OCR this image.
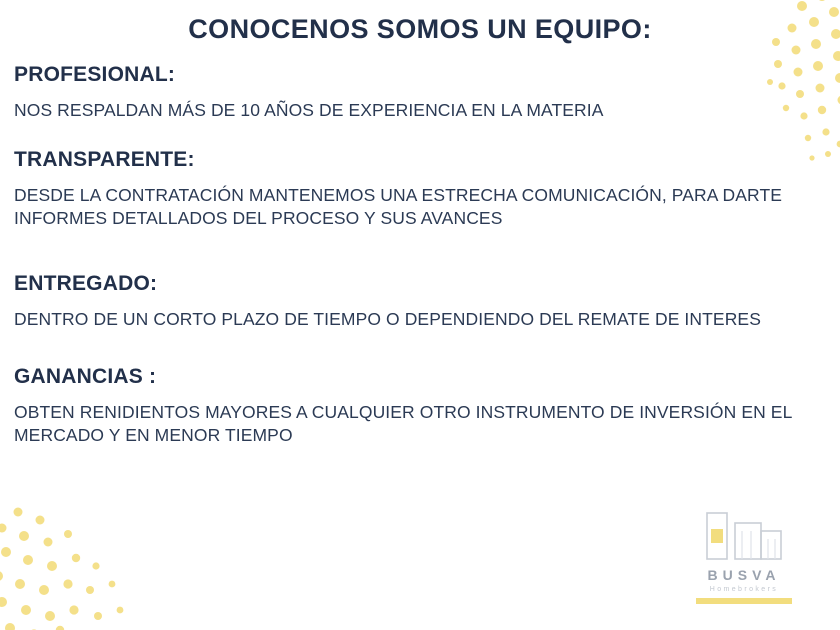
CONOCENOS SOMOS UN EQUIPO:
PROFESIONAL:

NOS RESPALDAN MÁS DE 10 AÑOS DE EXPERIENCIA EN LA MATERIA

TRANSPARENTE:

DESDE LA CONTRATACIÓN MANTENEMOS UNA ESTRECHA COMUNICACIÓN, PARA DARTE INFORMES DETALLADOS DEL PROCESO Y SUS AVANCES

ENTREGADO:

DENTRO DE UN CORTO PLAZO DE TIEMPO O DEPENDIENDO DEL REMATE DE INTERES

GANANCIAS :

OBTEN RENIDIENTOS MAYORES A CUALQUIER OTRO INSTRUMENTO DE INVERSIÓN EN EL MERCADO Y EN MENOR TIEMPO

BUSVA
Homebrokers
